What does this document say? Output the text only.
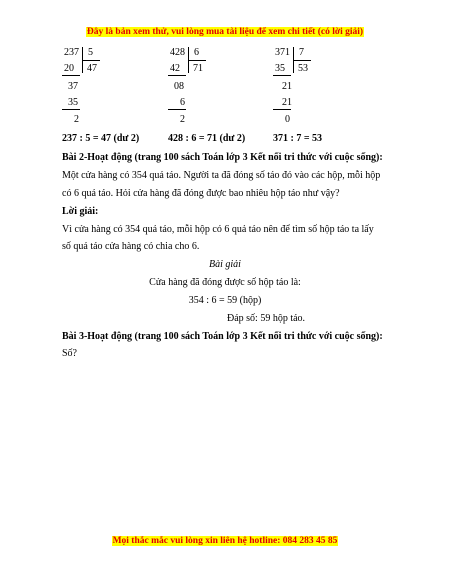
Đây là bản xem thử, vui lòng mua tài liệu để xem chi tiết (có lời giải)
237 5
20 47
37
35
2
428 6
42 71
08
6
2
371 7
35 53
21
21
0
237 : 5 = 47 (dư 2)	428 : 6 = 71 (dư 2)	371 : 7 = 53
Bài 2-Hoạt động (trang 100 sách Toán lớp 3 Kết nối tri thức với cuộc sống):
Một cửa hàng có 354 quả táo. Người ta đã đóng số táo đó vào các hộp, mỗi hộp
có 6 quả táo. Hỏi cửa hàng đã đóng được bao nhiêu hộp táo như vậy?
Lời giải:
Vì cửa hàng có 354 quả táo, mỗi hộp có 6 quả táo nên để tìm số hộp táo ta lấy
số quả táo cửa hàng có chia cho 6.
Bài giải
Cửa hàng đã đóng được số hộp táo là:
354 : 6 = 59 (hộp)
Đáp số: 59 hộp táo.
Bài 3-Hoạt động (trang 100 sách Toán lớp 3 Kết nối tri thức với cuộc sống):
Số?
Mọi thắc mắc vui lòng xin liên hệ hotline: 084 283 45 85
